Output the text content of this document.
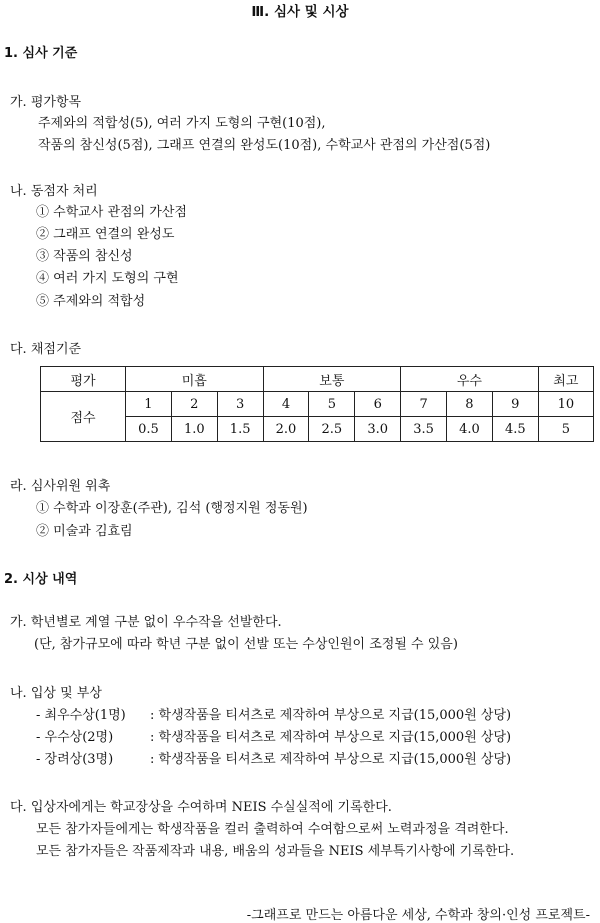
Ⅲ. 심사 및 시상
1. 심사 기준
가. 평가항목
주제와의 적합성(5), 여러 가지 도형의 구현(10점),
작품의 참신성(5점), 그래프 연결의 완성도(10점), 수학교사 관점의 가산점(5점)
나. 동점자 처리
① 수학교사 관점의 가산점
② 그래프 연결의 완성도
③ 작품의 참신성
④ 여러 가지 도형의 구현
⑤ 주제와의 적합성
다. 채점기준
평가	미흡			보통			우수			최고
점수	1	2	3	4	5	6	7	8	9	10
	0.5	1.0	1.5	2.0	2.5	3.0	3.5	4.0	4.5	5
라. 심사위원 위촉
① 수학과 이장훈(주관), 김석 (행정지원 정동원)
② 미술과 김효림
2. 시상 내역
가. 학년별로 계열 구분 없이 우수작을 선발한다.
(단, 참가규모에 따라 학년 구분 없이 선발 또는 수상인원이 조정될 수 있음)
나. 입상 및 부상
- 최우수상(1명) : 학생작품을 티셔츠로 제작하여 부상으로 지급(15,000원 상당)
- 우수상(2명)	: 학생작품을 티셔츠로 제작하여 부상으로 지급(15,000원 상당)
- 장려상(3명)	: 학생작품을 티셔츠로 제작하여 부상으로 지급(15,000원 상당)
다. 입상자에게는 학교장상을 수여하며 NEIS 수실실적에 기록한다.
모든 참가자들에게는 학생작품을 컬러 출력하여 수여함으로써 노력과정을 격려한다.
모든 참가자들은 작품제작과 내용, 배움의 성과들을 NEIS 세부특기사항에 기록한다.
-그래프로 만드는 아름다운 세상, 수학과 창의·인성 프로젝트-
